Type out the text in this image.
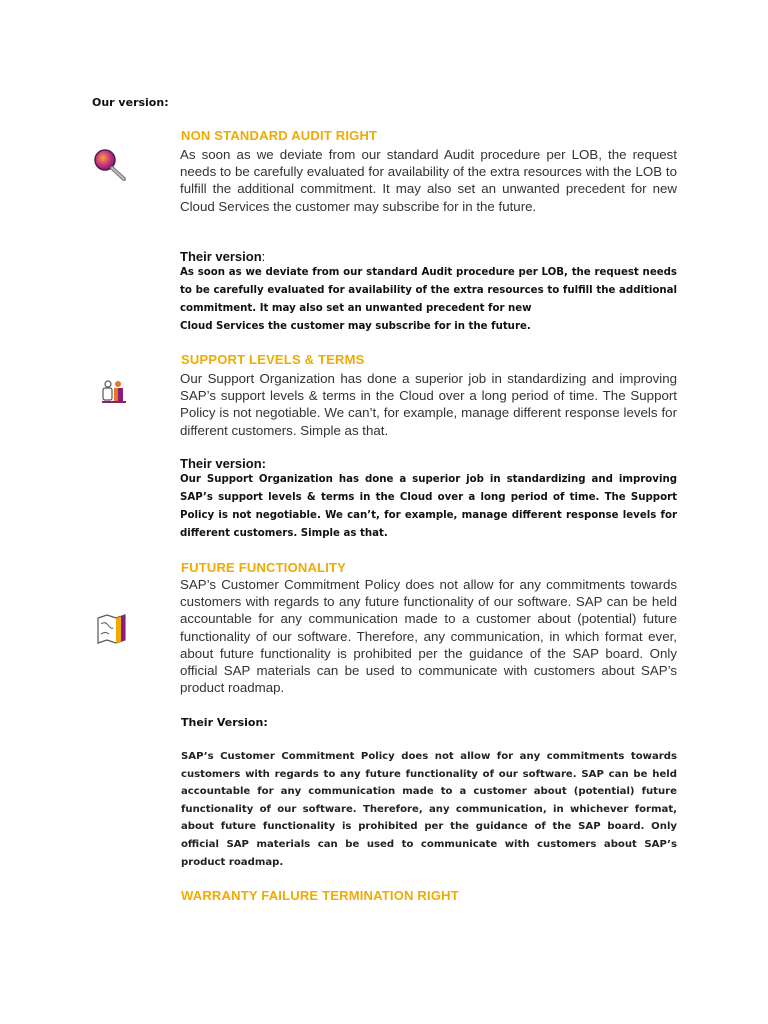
Our version:
NON STANDARD AUDIT RIGHT
As soon as we deviate from our standard Audit procedure per LOB, the request needs to be carefully evaluated for availability of the extra resources with the LOB to fulfill the additional commitment. It may also set an unwanted precedent for new Cloud Services the customer may subscribe for in the future.
Their version:
As soon as we deviate from our standard Audit procedure per LOB, the request needs to be carefully evaluated for availability of the extra resources to fulfill the additional commitment. It may also set an unwanted precedent for new
Cloud Services the customer may subscribe for in the future.
SUPPORT LEVELS & TERMS
Our Support Organization has done a superior job in standardizing and improving SAP’s support levels & terms in the Cloud over a long period of time. The Support Policy is not negotiable. We can’t, for example, manage different response levels for different customers. Simple as that.
Their version:
Our Support Organization has done a superior job in standardizing and improving SAP’s support levels & terms in the Cloud over a long period of time. The Support Policy is not negotiable. We can’t, for example, manage different response levels for different customers. Simple as that.
FUTURE FUNCTIONALITY
SAP’s Customer Commitment Policy does not allow for any commitments towards customers with regards to any future functionality of our software. SAP can be held accountable for any communication made to a customer about (potential) future functionality of our software. Therefore, any communication, in which format ever, about future functionality is prohibited per the guidance of the SAP board. Only official SAP materials can be used to communicate with customers about SAP’s product roadmap.
Their Version:
SAP’s Customer Commitment Policy does not allow for any commitments towards customers with regards to any future functionality of our software. SAP can be held accountable for any communication made to a customer about (potential) future functionality of our software. Therefore, any communication, in whichever format, about future functionality is prohibited per the guidance of the SAP board. Only official SAP materials can be used to communicate with customers about SAP’s product roadmap.
WARRANTY FAILURE TERMINATION RIGHT
